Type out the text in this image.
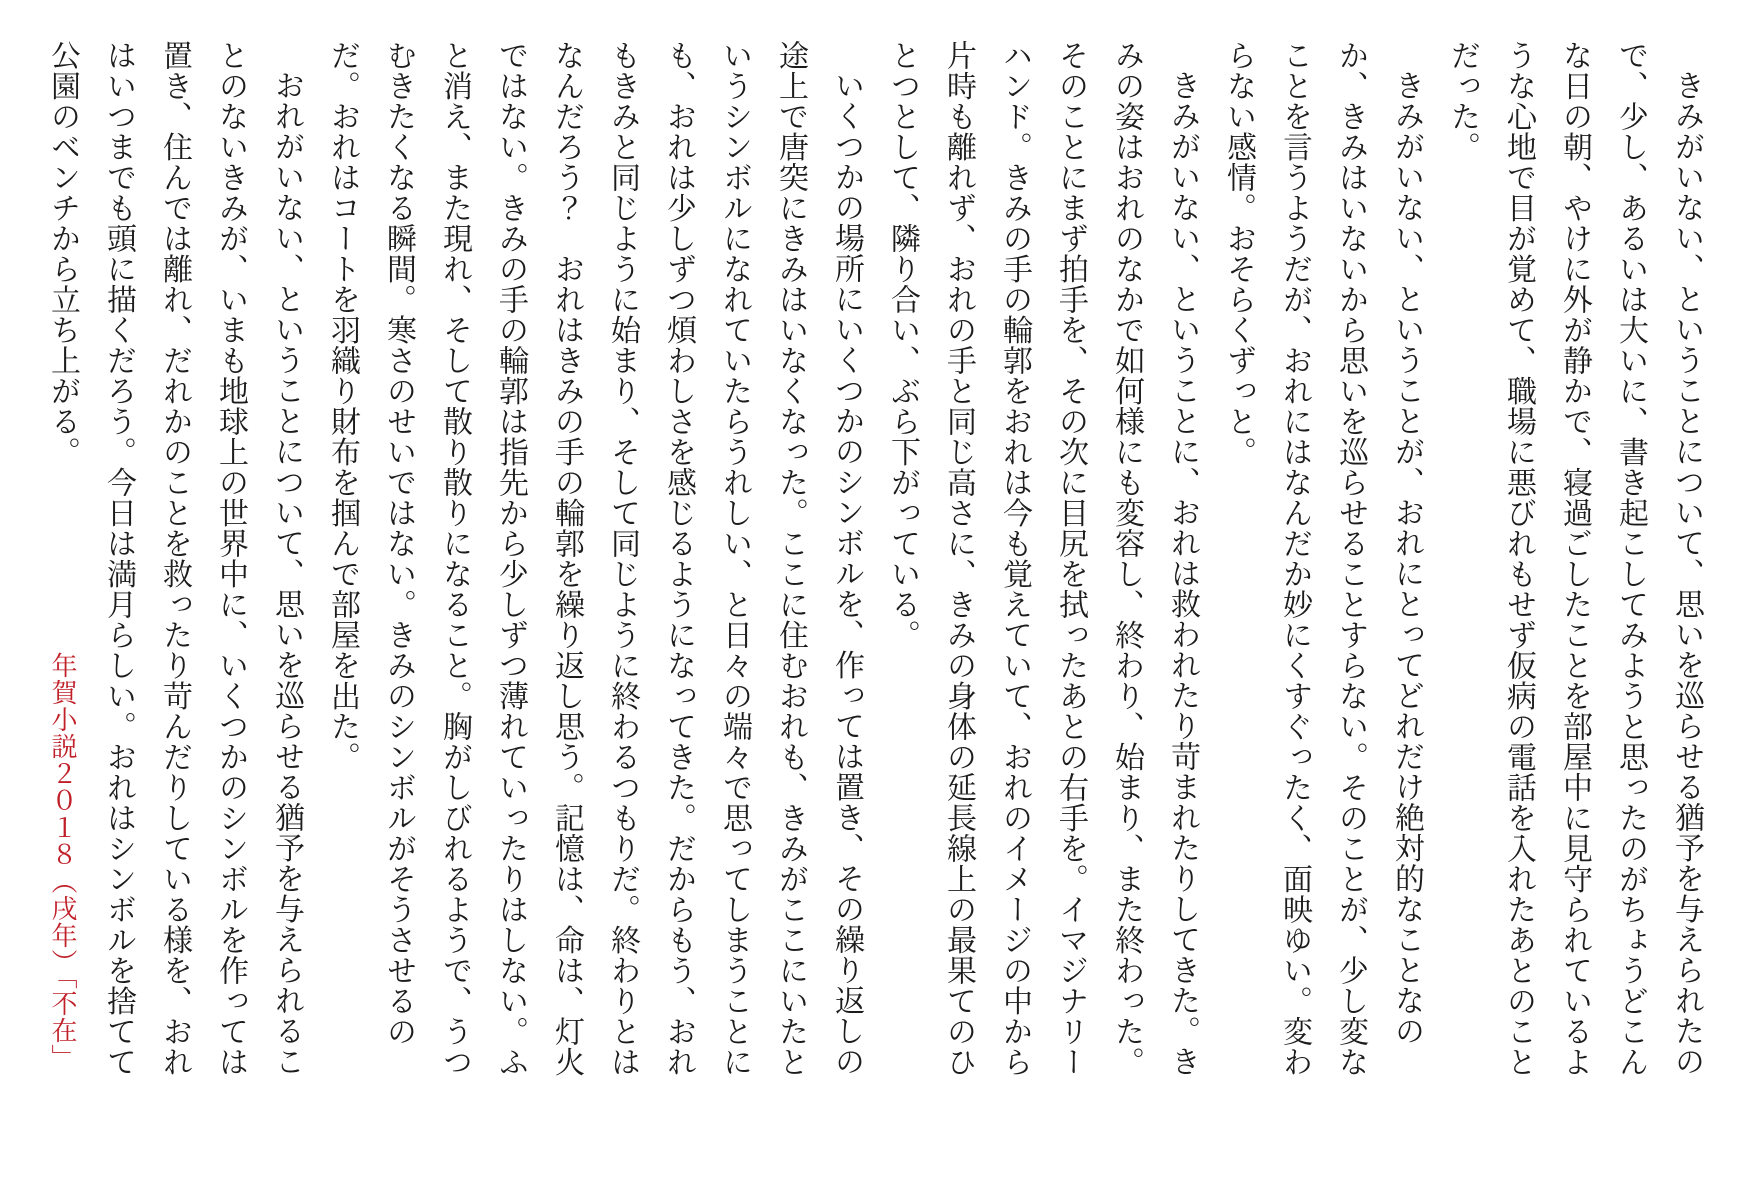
きみがいない、ということについて、思いを巡らせる猶予を与えられたので、少し、あるいは大いに、書き起こしてみようと思ったのがちょうどこんな日の朝、やけに外が静かで、寝過ごしたことを部屋中に見守られているような心地で目が覚めて、職場に悪びれもせず仮病の電話を入れたあとのことだった。

きみがいない、ということが、おれにとってどれだけ絶対的なことなのか、きみはいないから思いを巡らせることすらない。そのことが、少し変なことを言うようだが、おれにはなんだか妙にくすぐったく、面映ゆい。変わらない感情。おそらくずっと。

きみがいない、ということに、おれは救われたり苛まれたりしてきた。きみの姿はおれのなかで如何様にも変容し、終わり、始まり、また終わった。そのことにまず拍手を、その次に目尻を拭ったあとの右手を。イマジナリーハンド。きみの手の輪郭をおれは今も覚えていて、おれのイメージの中から片時も離れず、おれの手と同じ高さに、きみの身体の延長線上の最果てのひとつとして、隣り合い、ぶら下がっている。

いくつかの場所にいくつかのシンボルを、作っては置き、その繰り返しの途上で唐突にきみはいなくなった。ここに住むおれも、きみがここにいたというシンボルになれていたらうれしい、と日々の端々で思ってしまうことにも、おれは少しずつ煩わしさを感じるようになってきた。だからもう、おれもきみと同じように始まり、そして同じように終わるつもりだ。終わりとはなんだろう？　おれはきみの手の輪郭を繰り返し思う。記憶は、命は、灯火ではない。きみの手の輪郭は指先から少しずつ薄れていったりはしない。ふと消え、また現れ、そして散り散りになること。胸がしびれるようで、うつむきたくなる瞬間。寒さのせいではない。きみのシンボルがそうさせるのだ。おれはコートを羽織り財布を掴んで部屋を出た。

おれがいない、ということについて、思いを巡らせる猶予を与えられることのないきみが、いまも地球上の世界中に、いくつかのシンボルを作っては置き、住んでは離れ、だれかのことを救ったり苛んだりしている様を、おれはいつまでも頭に描くだろう。今日は満月らしい。おれはシンボルを捨てて公園のベンチから立ち上がる。

年賀小説２０１８（戌年）「不在」
